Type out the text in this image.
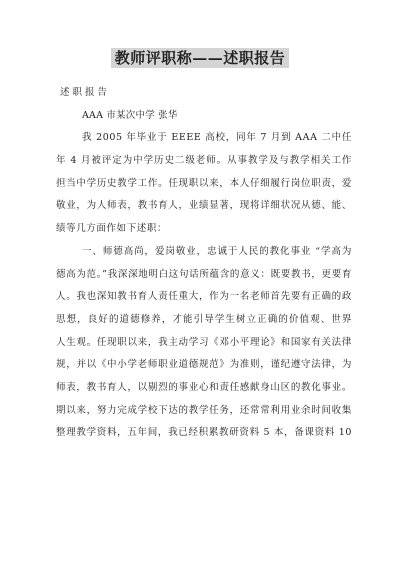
教师评职称——述职报告
述 职 报 告
AAA 市某次中学 张华
我 2005 年毕业于 EEEE 高校，同年 7 月到 AAA 二中任
年 4 月被评定为中学历史二级老师。从事教学及与教学相关工作
担当中学历史教学工作。任现职以来，本人仔细履行岗位职责，爱
敬业，为人师表，教书育人，业绩显著，现将详细状况从德、能、
绩等几方面作如下述职：
一、师德高尚，爱岗敬业，忠诚于人民的教化事业 “学高为
德高为范。”我深深地明白这句话所蕴含的意义：既要教书，更要育
人。我也深知教书育人责任重大，作为一名老师首先要有正确的政
思想，良好的道德修养，才能引导学生树立正确的价值观、世界
人生观。任现职以来，我主动学习《邓小平理论》和国家有关法律
规，并以《中小学老师职业道德规范》为准则，谨纪遵守法律，为
师表，教书育人，以剔烈的事业心和责任感献身山区的教化事业。
期以来，努力完成学校下达的教学任务，还常常利用业余时间收集
整理教学资料，五年间，我已经积累教研资料 5 本，备课资料 10
